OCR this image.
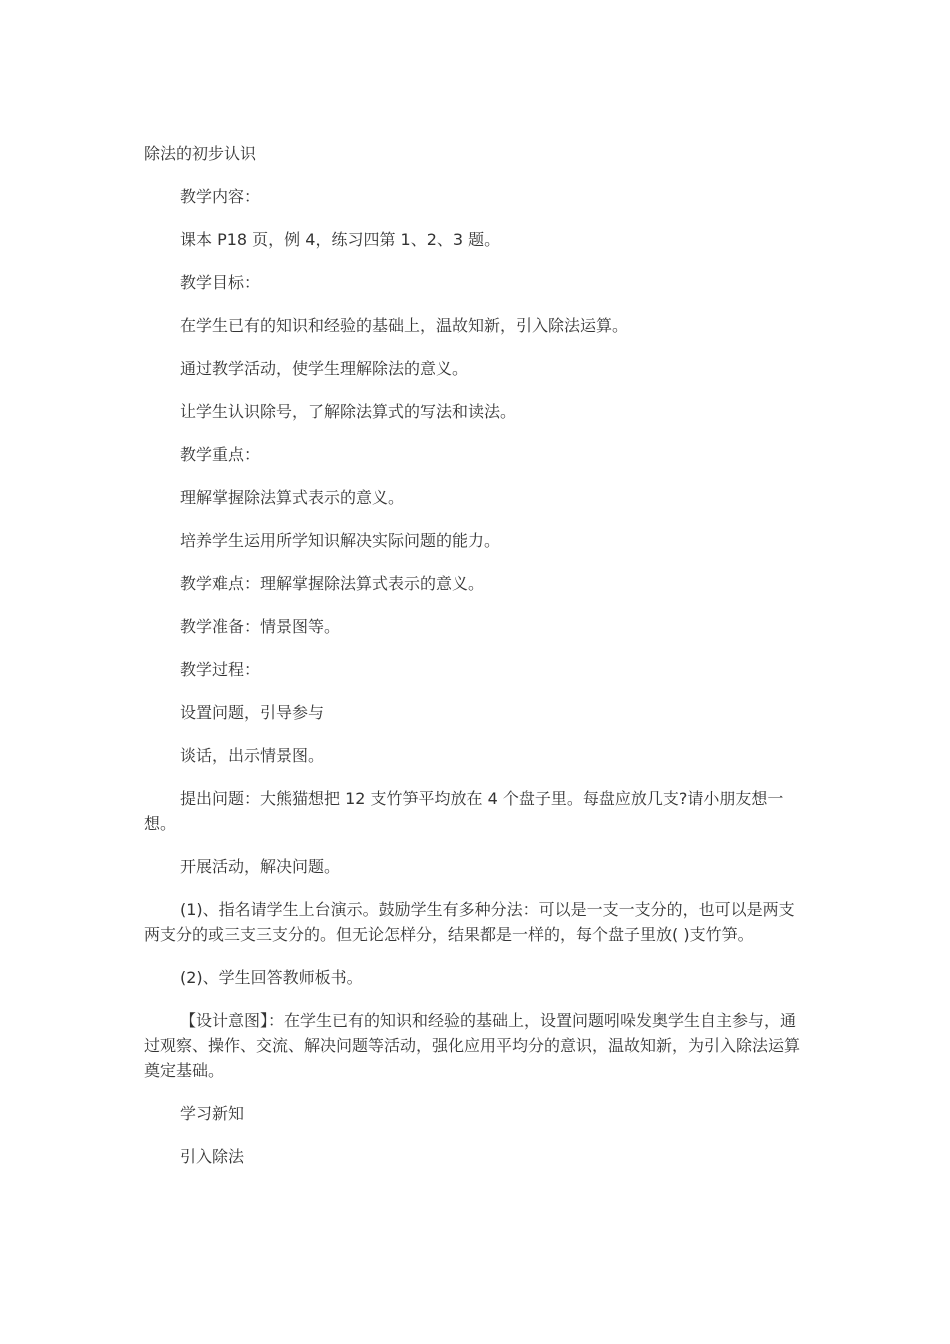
除法的初步认识
教学内容：
课本 P18 页，例 4，练习四第 1、2、3 题。
教学目标：
在学生已有的知识和经验的基础上，温故知新，引入除法运算。
通过教学活动，使学生理解除法的意义。
让学生认识除号，了解除法算式的写法和读法。
教学重点：
理解掌握除法算式表示的意义。
培养学生运用所学知识解决实际问题的能力。
教学难点：理解掌握除法算式表示的意义。
教学准备：情景图等。
教学过程：
设置问题，引导参与
谈话，出示情景图。
提出问题：大熊猫想把 12 支竹笋平均放在 4 个盘子里。每盘应放几支?请小朋友想一想。
开展活动，解决问题。
(1)、指名请学生上台演示。鼓励学生有多种分法：可以是一支一支分的，也可以是两支两支分的或三支三支分的。但无论怎样分，结果都是一样的，每个盘子里放( )支竹笋。
(2)、学生回答教师板书。
【设计意图】：在学生已有的知识和经验的基础上，设置问题吲哚发奥学生自主参与，通过观察、操作、交流、解决问题等活动，强化应用平均分的意识，温故知新，为引入除法运算奠定基础。
学习新知
引入除法
